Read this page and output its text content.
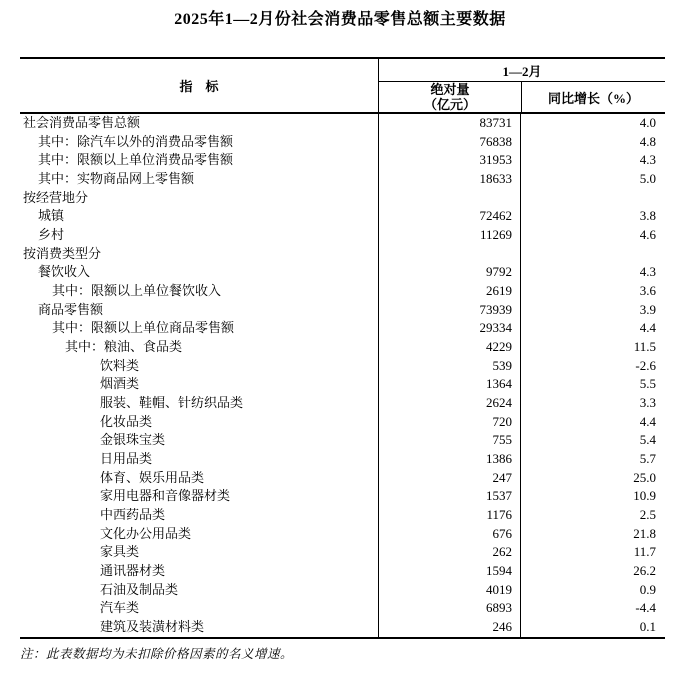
2025年1—2月份社会消费品零售总额主要数据
指　标
1—2月
绝对量
（亿元）	同比增长（%）
社会消费品零售总额	83731	4.0
其中：除汽车以外的消费品零售额	76838	4.8
其中：限额以上单位消费品零售额	31953	4.3
其中：实物商品网上零售额	18633	5.0
按经营地分
城镇	72462	3.8
乡村	11269	4.6
按消费类型分
餐饮收入	9792	4.3
其中：限额以上单位餐饮收入	2619	3.6
商品零售额	73939	3.9
其中：限额以上单位商品零售额	29334	4.4
其中：粮油、食品类	4229	11.5
饮料类	539	-2.6
烟酒类	1364	5.5
服装、鞋帽、针纺织品类	2624	3.3
化妆品类	720	4.4
金银珠宝类	755	5.4
日用品类	1386	5.7
体育、娱乐用品类	247	25.0
家用电器和音像器材类	1537	10.9
中西药品类	1176	2.5
文化办公用品类	676	21.8
家具类	262	11.7
通讯器材类	1594	26.2
石油及制品类	4019	0.9
汽车类	6893	-4.4
建筑及装潢材料类	246	0.1
注：此表数据均为未扣除价格因素的名义增速。
